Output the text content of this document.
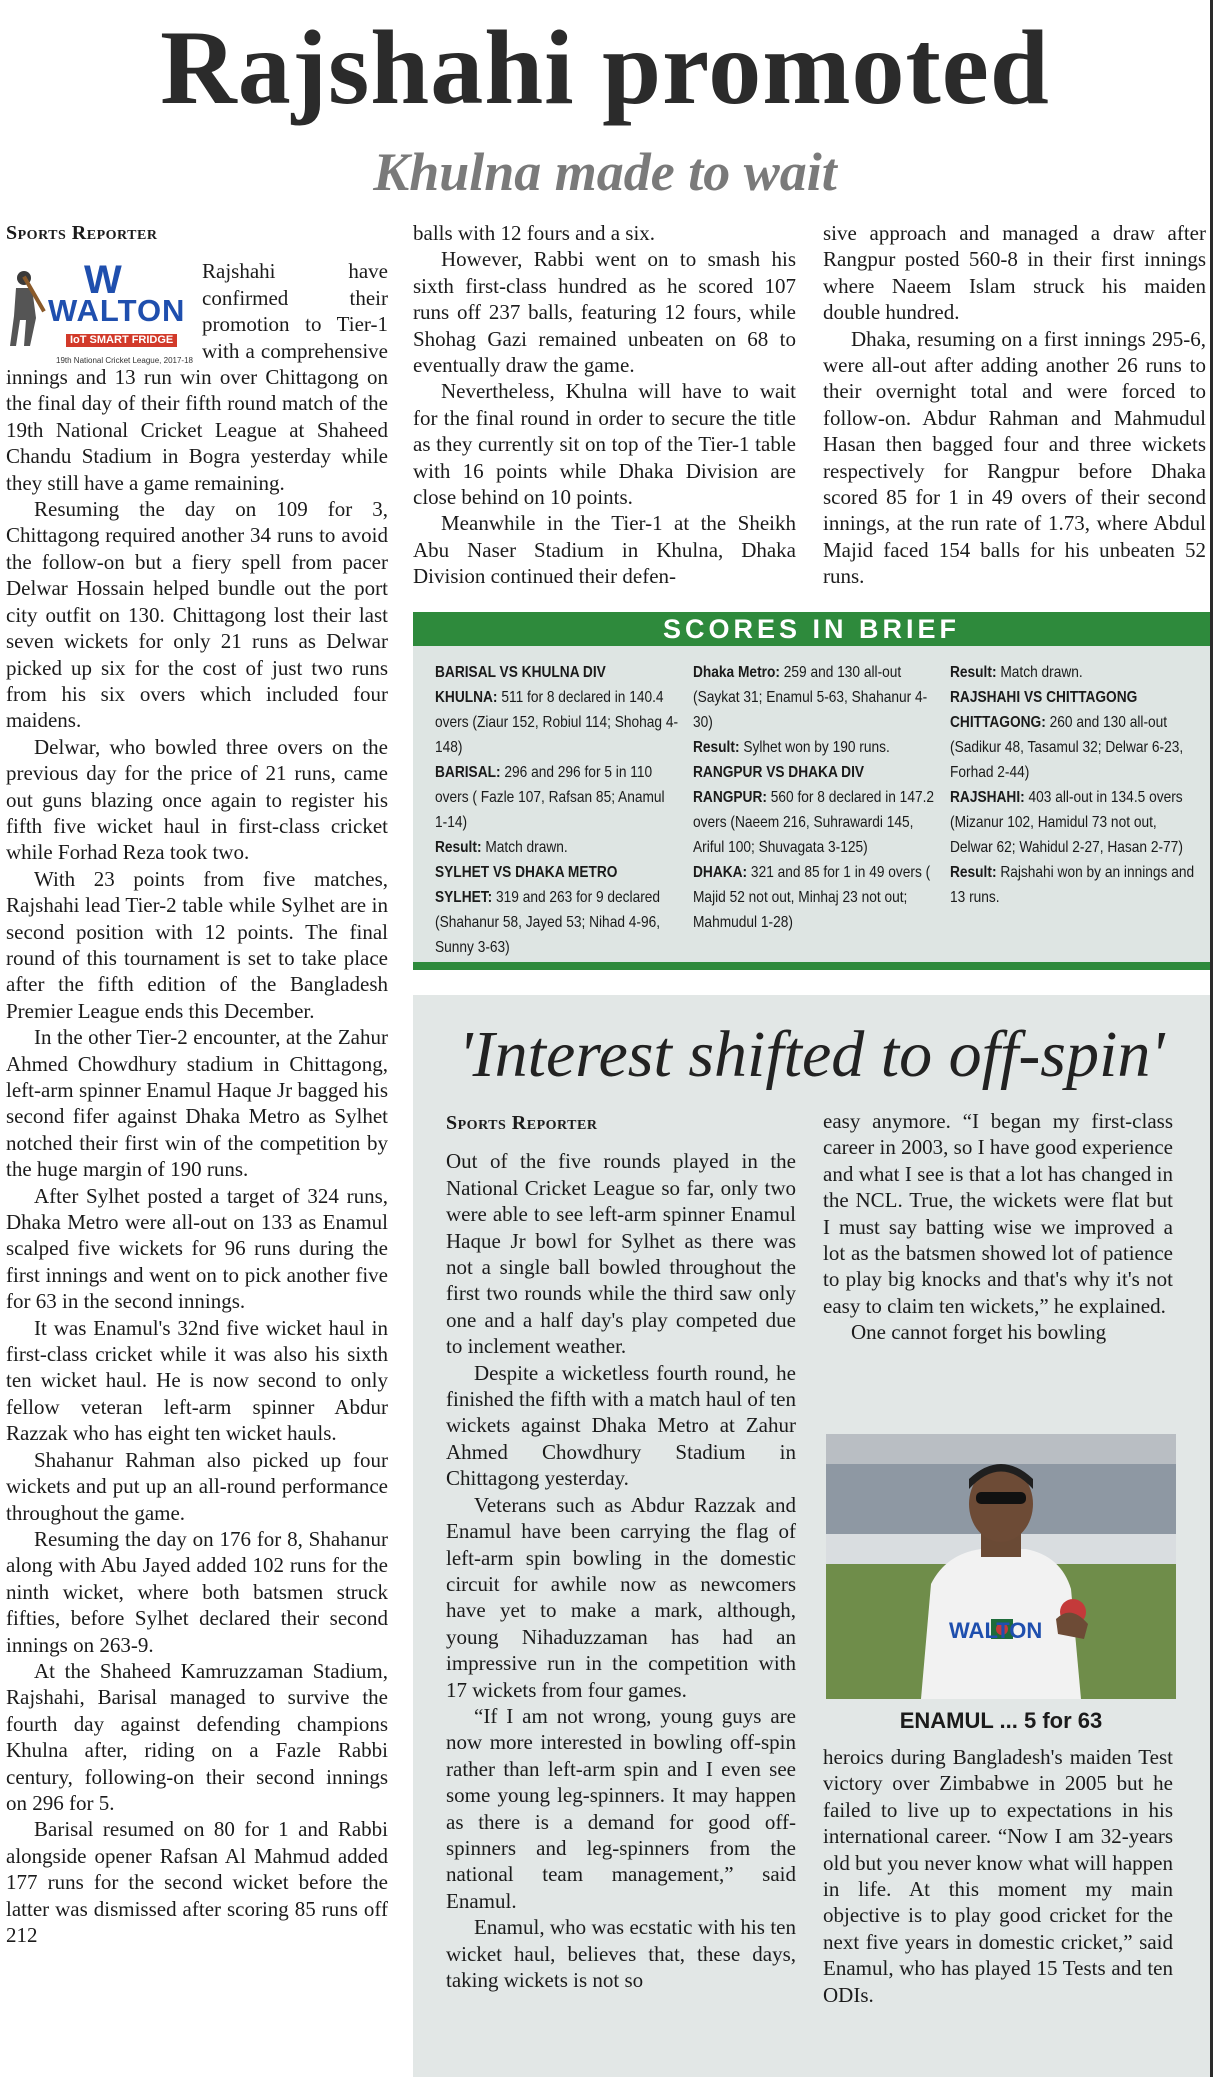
Rajshahi promoted
Khulna made to wait
Sports Reporter
W
WALTON
IoT SMART FRIDGE
19th National Cricket League, 2017-18

Rajshahi have confirmed their promotion to Tier-1 with a comprehensive innings and 13 run win over Chittagong on the final day of their fifth round match of the 19th National Cricket League at Shaheed Chandu Stadium in Bogra yesterday while they still have a game remaining.

Resuming the day on 109 for 3, Chittagong required another 34 runs to avoid the follow-on but a fiery spell from pacer Delwar Hossain helped bundle out the port city outfit on 130. Chittagong lost their last seven wickets for only 21 runs as Delwar picked up six for the cost of just two runs from his six overs which included four maidens.

Delwar, who bowled three overs on the previous day for the price of 21 runs, came out guns blazing once again to register his fifth five wicket haul in first-class cricket while Forhad Reza took two.

With 23 points from five matches, Rajshahi lead Tier-2 table while Sylhet are in second position with 12 points. The final round of this tournament is set to take place after the fifth edition of the Bangladesh Premier League ends this December.

In the other Tier-2 encounter, at the Zahur Ahmed Chowdhury stadium in Chittagong, left-arm spinner Enamul Haque Jr bagged his second fifer against Dhaka Metro as Sylhet notched their first win of the competition by the huge margin of 190 runs.

After Sylhet posted a target of 324 runs, Dhaka Metro were all-out on 133 as Enamul scalped five wickets for 96 runs during the first innings and went on to pick another five for 63 in the second innings.

It was Enamul's 32nd five wicket haul in first-class cricket while it was also his sixth ten wicket haul. He is now second to only fellow veteran left-arm spinner Abdur Razzak who has eight ten wicket hauls.

Shahanur Rahman also picked up four wickets and put up an all-round performance throughout the game.

Resuming the day on 176 for 8, Shahanur along with Abu Jayed added 102 runs for the ninth wicket, where both batsmen struck fifties, before Sylhet declared their second innings on 263-9.

At the Shaheed Kamruzzaman Stadium, Rajshahi, Barisal managed to survive the fourth day against defending champions Khulna after, riding on a Fazle Rabbi century, following-on their second innings on 296 for 5.

Barisal resumed on 80 for 1 and Rabbi alongside opener Rafsan Al Mahmud added 177 runs for the second wicket before the latter was dismissed after scoring 85 runs off 212

balls with 12 fours and a six.

However, Rabbi went on to smash his sixth first-class hundred as he scored 107 runs off 237 balls, featuring 12 fours, while Shohag Gazi remained unbeaten on 68 to eventually draw the game.

Nevertheless, Khulna will have to wait for the final round in order to secure the title as they currently sit on top of the Tier-1 table with 16 points while Dhaka Division are close behind on 10 points.

Meanwhile in the Tier-1 at the Sheikh Abu Naser Stadium in Khulna, Dhaka Division continued their defen-

sive approach and managed a draw after Rangpur posted 560-8 in their first innings where Naeem Islam struck his maiden double hundred.

Dhaka, resuming on a first innings 295-6, were all-out after adding another 26 runs to their overnight total and were forced to follow-on. Abdur Rahman and Mahmudul Hasan then bagged four and three wickets respectively for Rangpur before Dhaka scored 85 for 1 in 49 overs of their second innings, at the run rate of 1.73, where Abdul Majid faced 154 balls for his unbeaten 52 runs.

SCORES IN BRIEF
BARISAL VS KHULNA DIV
KHULNA: 511 for 8 declared in 140.4 overs (Ziaur 152, Robiul 114; Shohag 4-148)
BARISAL: 296 and 296 for 5 in 110 overs ( Fazle 107, Rafsan 85; Anamul 1-14)
Result: Match drawn.
SYLHET VS DHAKA METRO
SYLHET: 319 and 263 for 9 declared (Shahanur 58, Jayed 53; Nihad 4-96, Sunny 3-63)
Dhaka Metro: 259 and 130 all-out (Saykat 31; Enamul 5-63, Shahanur 4-30)
Result: Sylhet won by 190 runs.
RANGPUR VS DHAKA DIV
RANGPUR: 560 for 8 declared in 147.2 overs (Naeem 216, Suhrawardi 145, Ariful 100; Shuvagata 3-125)
DHAKA: 321 and 85 for 1 in 49 overs ( Majid 52 not out, Minhaj 23 not out; Mahmudul 1-28)
Result: Match drawn.
RAJSHAHI VS CHITTAGONG
CHITTAGONG: 260 and 130 all-out (Sadikur 48, Tasamul 32; Delwar 6-23, Forhad 2-44)
RAJSHAHI: 403 all-out in 134.5 overs (Mizanur 102, Hamidul 73 not out, Delwar 62; Wahidul 2-27, Hasan 2-77)
Result: Rajshahi won by an innings and 13 runs.
'Interest shifted to off-spin'
Sports Reporter

Out of the five rounds played in the National Cricket League so far, only two were able to see left-arm spinner Enamul Haque Jr bowl for Sylhet as there was not a single ball bowled throughout the first two rounds while the third saw only one and a half day's play competed due to inclement weather.

Despite a wicketless fourth round, he finished the fifth with a match haul of ten wickets against Dhaka Metro at Zahur Ahmed Chowdhury Stadium in Chittagong yesterday.

Veterans such as Abdur Razzak and Enamul have been carrying the flag of left-arm spin bowling in the domestic circuit for awhile now as newcomers have yet to make a mark, although, young Nihaduzzaman has had an impressive run in the competition with 17 wickets from four games.

“If I am not wrong, young guys are now more interested in bowling off-spin rather than left-arm spin and I even see some young leg-spinners. It may happen as there is a demand for good off-spinners and leg-spinners from the national team management,” said Enamul.

Enamul, who was ecstatic with his ten wicket haul, believes that, these days, taking wickets is not so

easy anymore. “I began my first-class career in 2003, so I have good experience and what I see is that a lot has changed in the NCL. True, the wickets were flat but I must say batting wise we improved a lot as the batsmen showed lot of patience to play big knocks and that's why it's not easy to claim ten wickets,” he explained.

One cannot forget his bowling

WALTON
ENAMUL ... 5 for 63

heroics during Bangladesh's maiden Test victory over Zimbabwe in 2005 but he failed to live up to expectations in his international career. “Now I am 32-years old but you never know what will happen in life. At this moment my main objective is to play good cricket for the next five years in domestic cricket,” said Enamul, who has played 15 Tests and ten ODIs.
